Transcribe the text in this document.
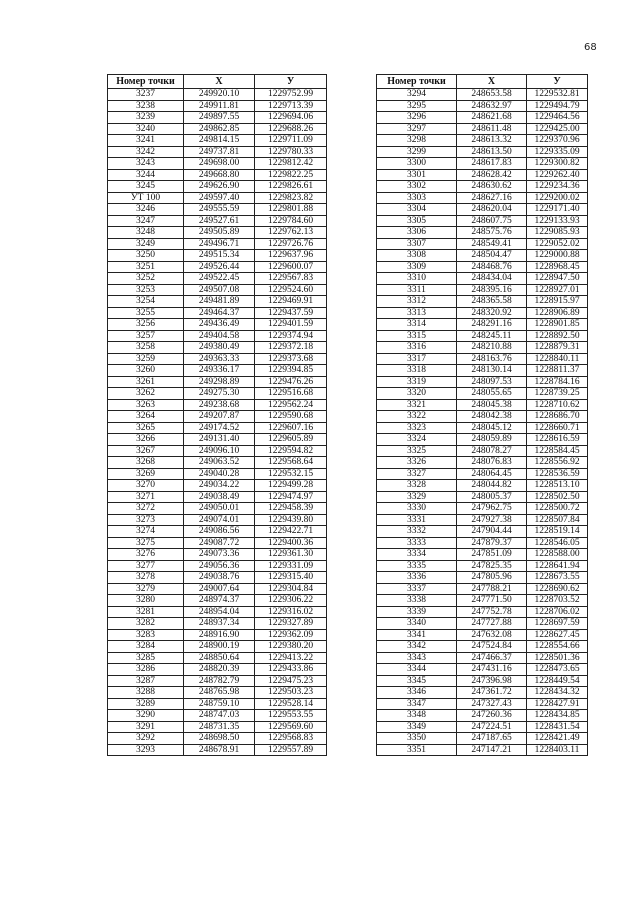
68
Номер точки	Х	У
3237	249920.10	1229752.99
3238	249911.81	1229713.39
3239	249897.55	1229694.06
3240	249862.85	1229688.26
3241	249814.15	1229711.09
3242	249737.81	1229780.33
3243	249698.00	1229812.42
3244	249668.80	1229822.25
3245	249626.90	1229826.61
УТ 100	249597.40	1229823.82
3246	249555.59	1229801.88
3247	249527.61	1229784.60
3248	249505.89	1229762.13
3249	249496.71	1229726.76
3250	249515.34	1229637.96
3251	249526.44	1229600.07
3252	249522.45	1229567.83
3253	249507.08	1229524.60
3254	249481.89	1229469.91
3255	249464.37	1229437.59
3256	249436.49	1229401.59
3257	249404.58	1229374.94
3258	249380.49	1229372.18
3259	249363.33	1229373.68
3260	249336.17	1229394.85
3261	249298.89	1229476.26
3262	249275.30	1229516.68
3263	249238.68	1229562.24
3264	249207.87	1229590.68
3265	249174.52	1229607.16
3266	249131.40	1229605.89
3267	249096.10	1229594.82
3268	249063.52	1229568.64
3269	249040.28	1229532.15
3270	249034.22	1229499.28
3271	249038.49	1229474.97
3272	249050.01	1229458.39
3273	249074.01	1229439.80
3274	249086.56	1229422.71
3275	249087.72	1229400.36
3276	249073.36	1229361.30
3277	249056.36	1229331.09
3278	249038.76	1229315.40
3279	249007.64	1229304.84
3280	248974.37	1229306.22
3281	248954.04	1229316.02
3282	248937.34	1229327.89
3283	248916.90	1229362.09
3284	248900.19	1229380.20
3285	248850.64	1229413.22
3286	248820.39	1229433.86
3287	248782.79	1229475.23
3288	248765.98	1229503.23
3289	248759.10	1229528.14
3290	248747.03	1229553.55
3291	248731.35	1229569.60
3292	248698.50	1229568.83
3293	248678.91	1229557.89
Номер точки	Х	У
3294	248653.58	1229532.81
3295	248632.97	1229494.79
3296	248621.68	1229464.56
3297	248611.48	1229425.00
3298	248613.32	1229370.96
3299	248613.50	1229335.09
3300	248617.83	1229300.82
3301	248628.42	1229262.40
3302	248630.62	1229234.36
3303	248627.16	1229200.02
3304	248620.04	1229171.40
3305	248607.75	1229133.93
3306	248575.76	1229085.93
3307	248549.41	1229052.02
3308	248504.47	1229000.88
3309	248468.76	1228968.45
3310	248434.04	1228947.50
3311	248395.16	1228927.01
3312	248365.58	1228915.97
3313	248320.92	1228906.89
3314	248291.16	1228901.85
3315	248245.11	1228892.50
3316	248210.88	1228879.31
3317	248163.76	1228840.11
3318	248130.14	1228811.37
3319	248097.53	1228784.16
3320	248055.65	1228739.25
3321	248045.38	1228710.62
3322	248042.38	1228686.70
3323	248045.12	1228660.71
3324	248059.89	1228616.59
3325	248078.27	1228584.45
3326	248076.83	1228556.92
3327	248064.45	1228536.59
3328	248044.82	1228513.10
3329	248005.37	1228502.50
3330	247962.75	1228500.72
3331	247927.38	1228507.84
3332	247904.44	1228519.14
3333	247879.37	1228546.05
3334	247851.09	1228588.00
3335	247825.35	1228641.94
3336	247805.96	1228673.55
3337	247788.21	1228690.62
3338	247771.50	1228703.52
3339	247752.78	1228706.02
3340	247727.88	1228697.59
3341	247632.08	1228627.45
3342	247524.84	1228554.66
3343	247466.37	1228501.36
3344	247431.16	1228473.65
3345	247396.98	1228449.54
3346	247361.72	1228434.32
3347	247327.43	1228427.91
3348	247260.36	1228434.85
3349	247224.51	1228431.54
3350	247187.65	1228421.49
3351	247147.21	1228403.11
